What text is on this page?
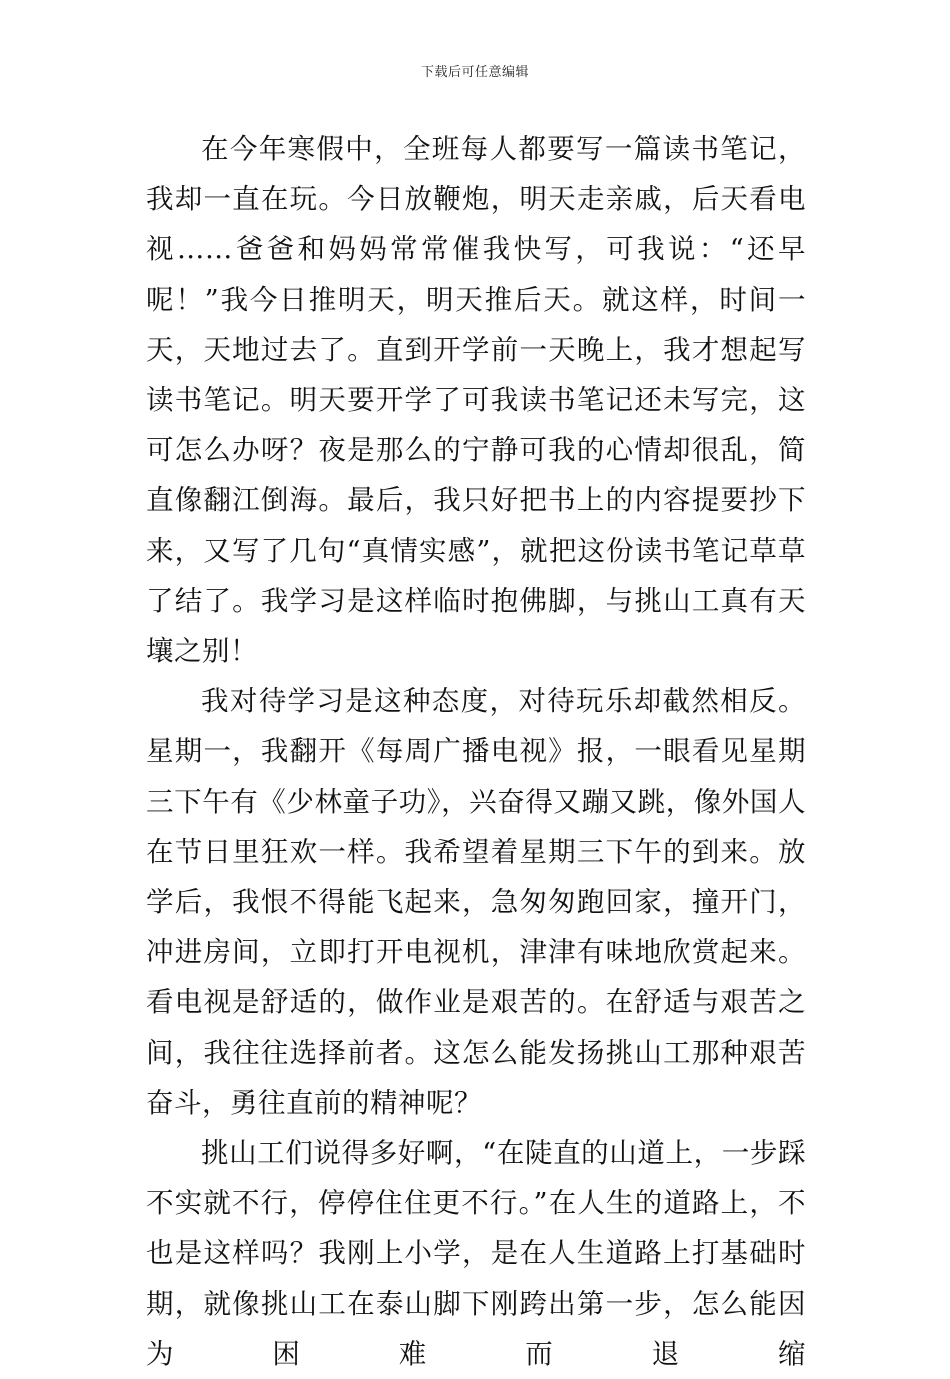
下载后可任意编辑

在今年寒假中，全班每人都要写一篇读书笔记，我却一直在玩。今日放鞭炮，明天走亲戚，后天看电视……爸爸和妈妈常常催我快写，可我说：“还早呢！”我今日推明天，明天推后天。就这样，时间一天，天地过去了。直到开学前一天晚上，我才想起写读书笔记。明天要开学了可我读书笔记还未写完，这可怎么办呀？夜是那么的宁静可我的心情却很乱，简直像翻江倒海。最后，我只好把书上的内容提要抄下来，又写了几句“真情实感”，就把这份读书笔记草草了结了。我学习是这样临时抱佛脚，与挑山工真有天壤之别！

我对待学习是这种态度，对待玩乐却截然相反。星期一，我翻开《每周广播电视》报，一眼看见星期三下午有《少林童子功》，兴奋得又蹦又跳，像外国人在节日里狂欢一样。我希望着星期三下午的到来。放学后，我恨不得能飞起来，急匆匆跑回家，撞开门，冲进房间，立即打开电视机，津津有味地欣赏起来。看电视是舒适的，做作业是艰苦的。在舒适与艰苦之间，我往往选择前者。这怎么能发扬挑山工那种艰苦奋斗，勇往直前的精神呢？

挑山工们说得多好啊，“在陡直的山道上，一步踩不实就不行，停停住住更不行。”在人生的道路上，不也是这样吗？我刚上小学，是在人生道路上打基础时期，就像挑山工在泰山脚下刚跨出第一步，怎么能因为困难而退缩
